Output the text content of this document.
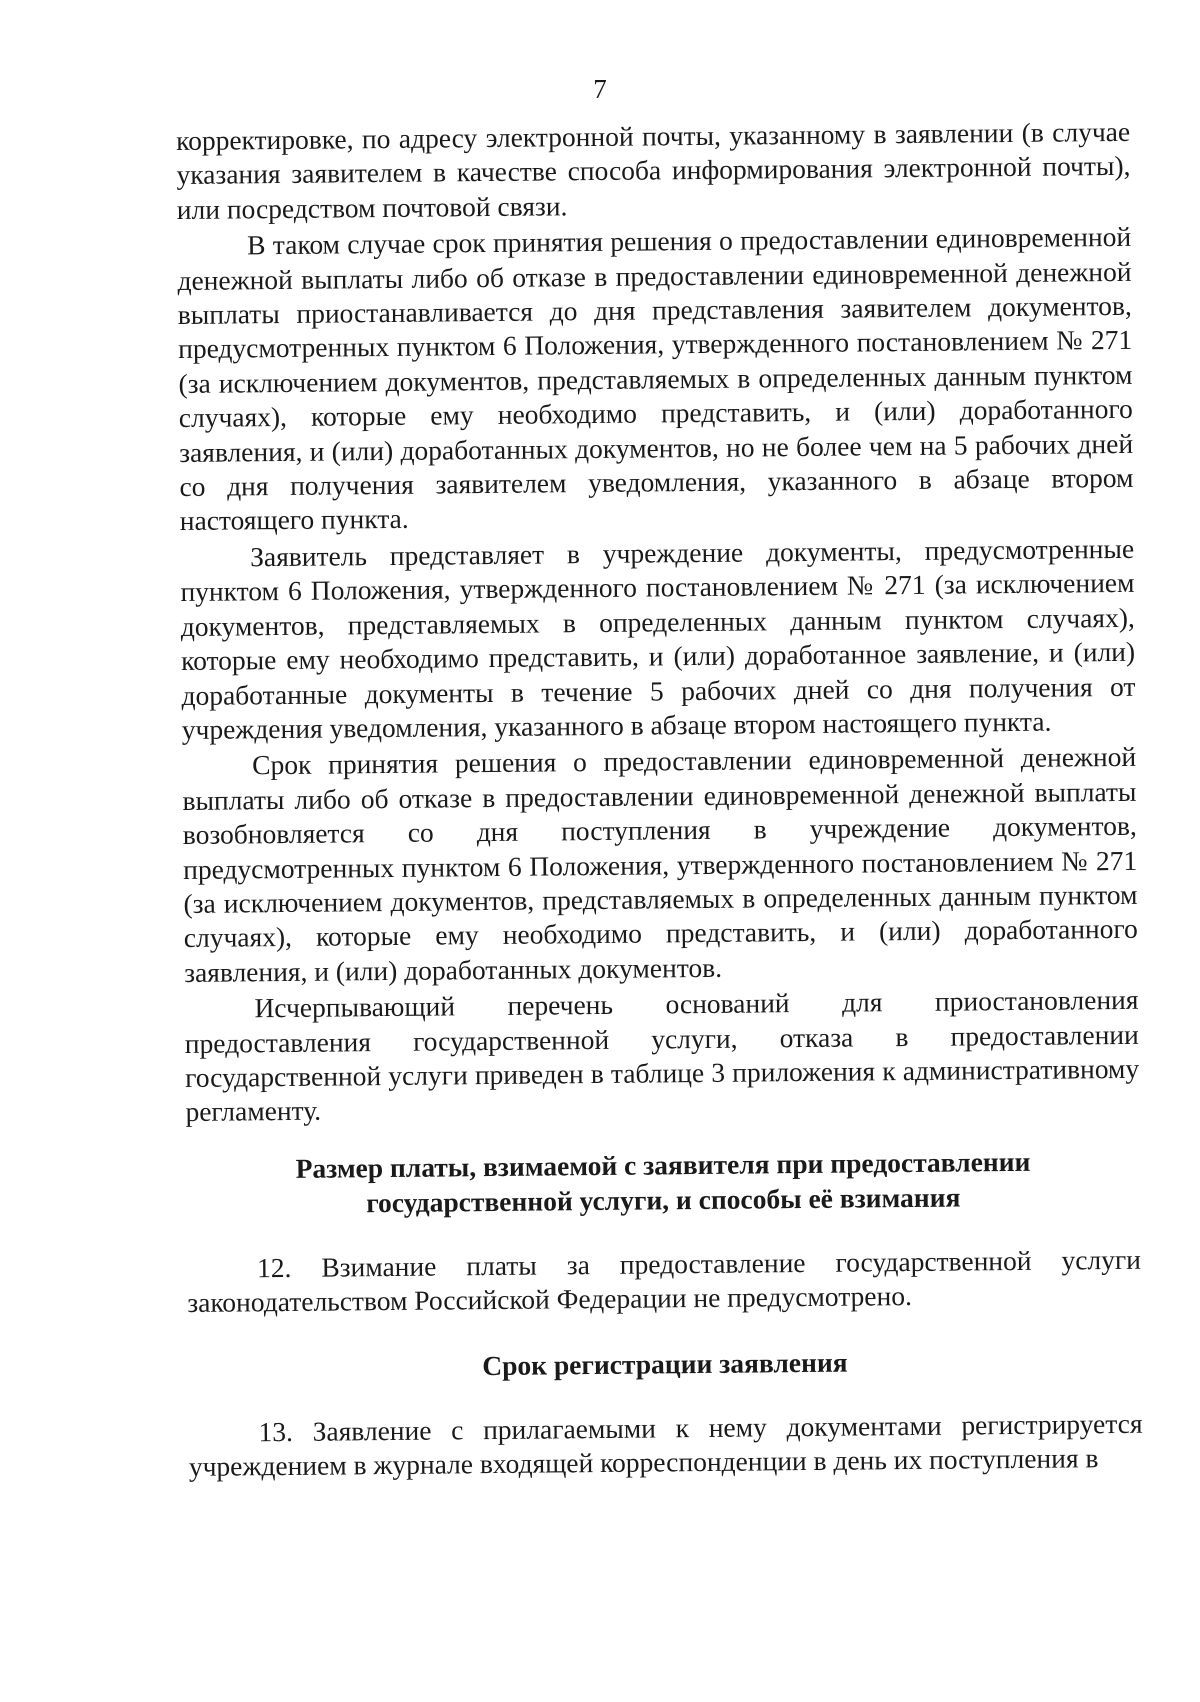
7

корректировке, по адресу электронной почты, указанному в заявлении (в случае указания заявителем в качестве способа информирования электронной почты), или посредством почтовой связи.

В таком случае срок принятия решения о предоставлении единовременной денежной выплаты либо об отказе в предоставлении единовременной денежной выплаты приостанавливается до дня представления заявителем документов, предусмотренных пунктом 6 Положения, утвержденного постановлением № 271 (за исключением документов, представляемых в определенных данным пунктом случаях), которые ему необходимо представить, и (или) доработанного заявления, и (или) доработанных документов, но не более чем на 5 рабочих дней со дня получения заявителем уведомления, указанного в абзаце втором настоящего пункта.

Заявитель представляет в учреждение документы, предусмотренные пунктом 6 Положения, утвержденного постановлением № 271 (за исключением документов, представляемых в определенных данным пунктом случаях), которые ему необходимо представить, и (или) доработанное заявление, и (или) доработанные документы в течение 5 рабочих дней со дня получения от учреждения уведомления, указанного в абзаце втором настоящего пункта.

Срок принятия решения о предоставлении единовременной денежной выплаты либо об отказе в предоставлении единовременной денежной выплаты возобновляется со дня поступления в учреждение документов, предусмотренных пунктом 6 Положения, утвержденного постановлением № 271 (за исключением документов, представляемых в определенных данным пунктом случаях), которые ему необходимо представить, и (или) доработанного заявления, и (или) доработанных документов.

Исчерпывающий перечень оснований для приостановления предоставления государственной услуги, отказа в предоставлении государственной услуги приведен в таблице 3 приложения к административному регламенту.

Размер платы, взимаемой с заявителя при предоставлении
государственной услуги, и способы её взимания

12. Взимание платы за предоставление государственной услуги законодательством Российской Федерации не предусмотрено.

Срок регистрации заявления

13. Заявление с прилагаемыми к нему документами регистрируется учреждением в журнале входящей корреспонденции в день их поступления в
